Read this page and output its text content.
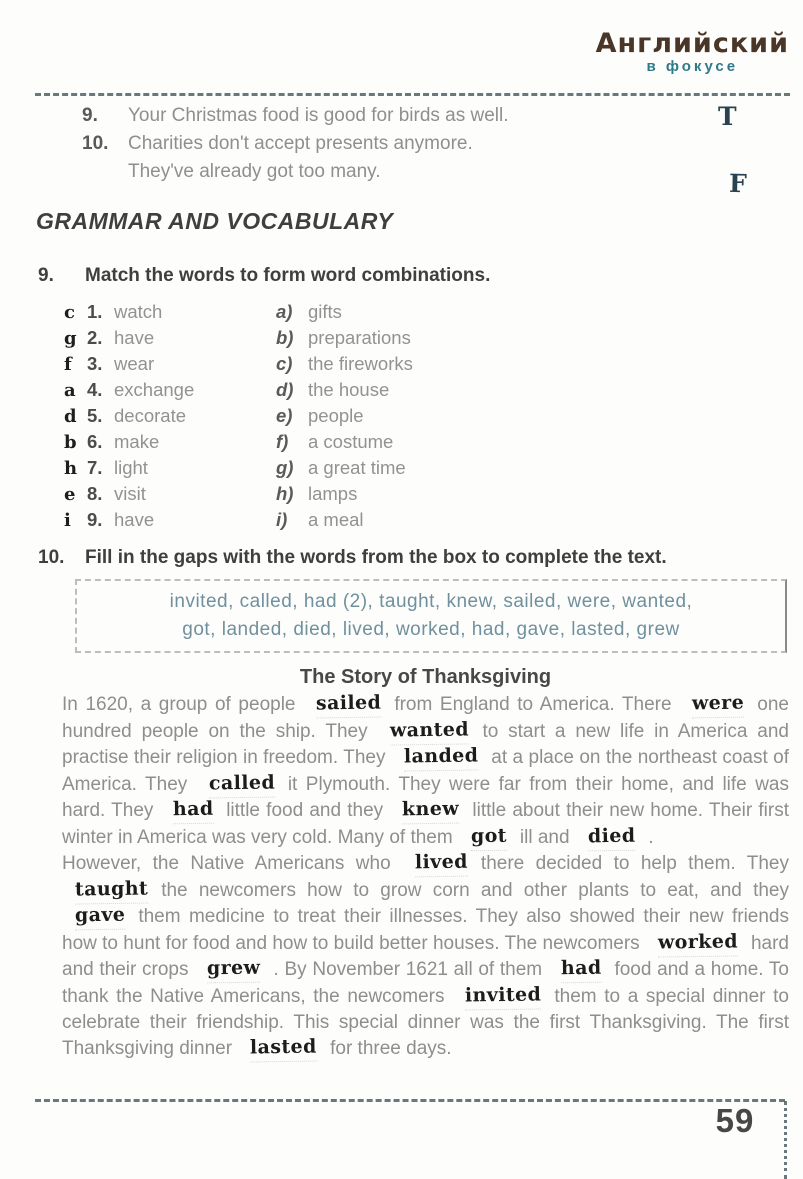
Английский
в фокусе
9.	Your Christmas food is good for birds as well.
10.	Charities don't accept presents anymore.
They've already got too many.
T
F
GRAMMAR AND VOCABULARY
9.	Match the words to form word combinations.
c 1. watch	a) gifts
g 2. have	b) preparations
f 3. wear	c) the fireworks
a 4. exchange	d) the house
d 5. decorate	e) people
b 6. make	f)	a costume
h 7. light	g) a great time
e 8. visit	h) lamps
i 9. have	i)	a meal
10.	Fill in the gaps with the words from the box to complete the text.
invited, called, had (2), taught, knew, sailed, were, wanted,
got, landed, died, lived, worked, had, gave, lasted, grew
The Story of Thanksgiving

In 1620, a group of people sailed from England to America. There were one hundred people on the ship. They wanted to start a new life in America and practise their religion in freedom. They landed at a place on the northeast coast of America. They called it Plymouth. They were far from their home, and life was hard. They had little food and they knew little about their new home. Their first winter in America was very cold. Many of them got ill and died .

However, the Native Americans who lived there decided to help them. They taught the newcomers how to grow corn and other plants to eat, and they gave them medicine to treat their illnesses. They also showed their new friends how to hunt for food and how to build better houses. The newcomers worked hard and their crops grew . By November 1621 all of them had food and a home. To thank the Native Americans, the newcomers invited them to a special dinner to celebrate their friendship. This special dinner was the first Thanksgiving. The first Thanksgiving dinner lasted for three days.

59
